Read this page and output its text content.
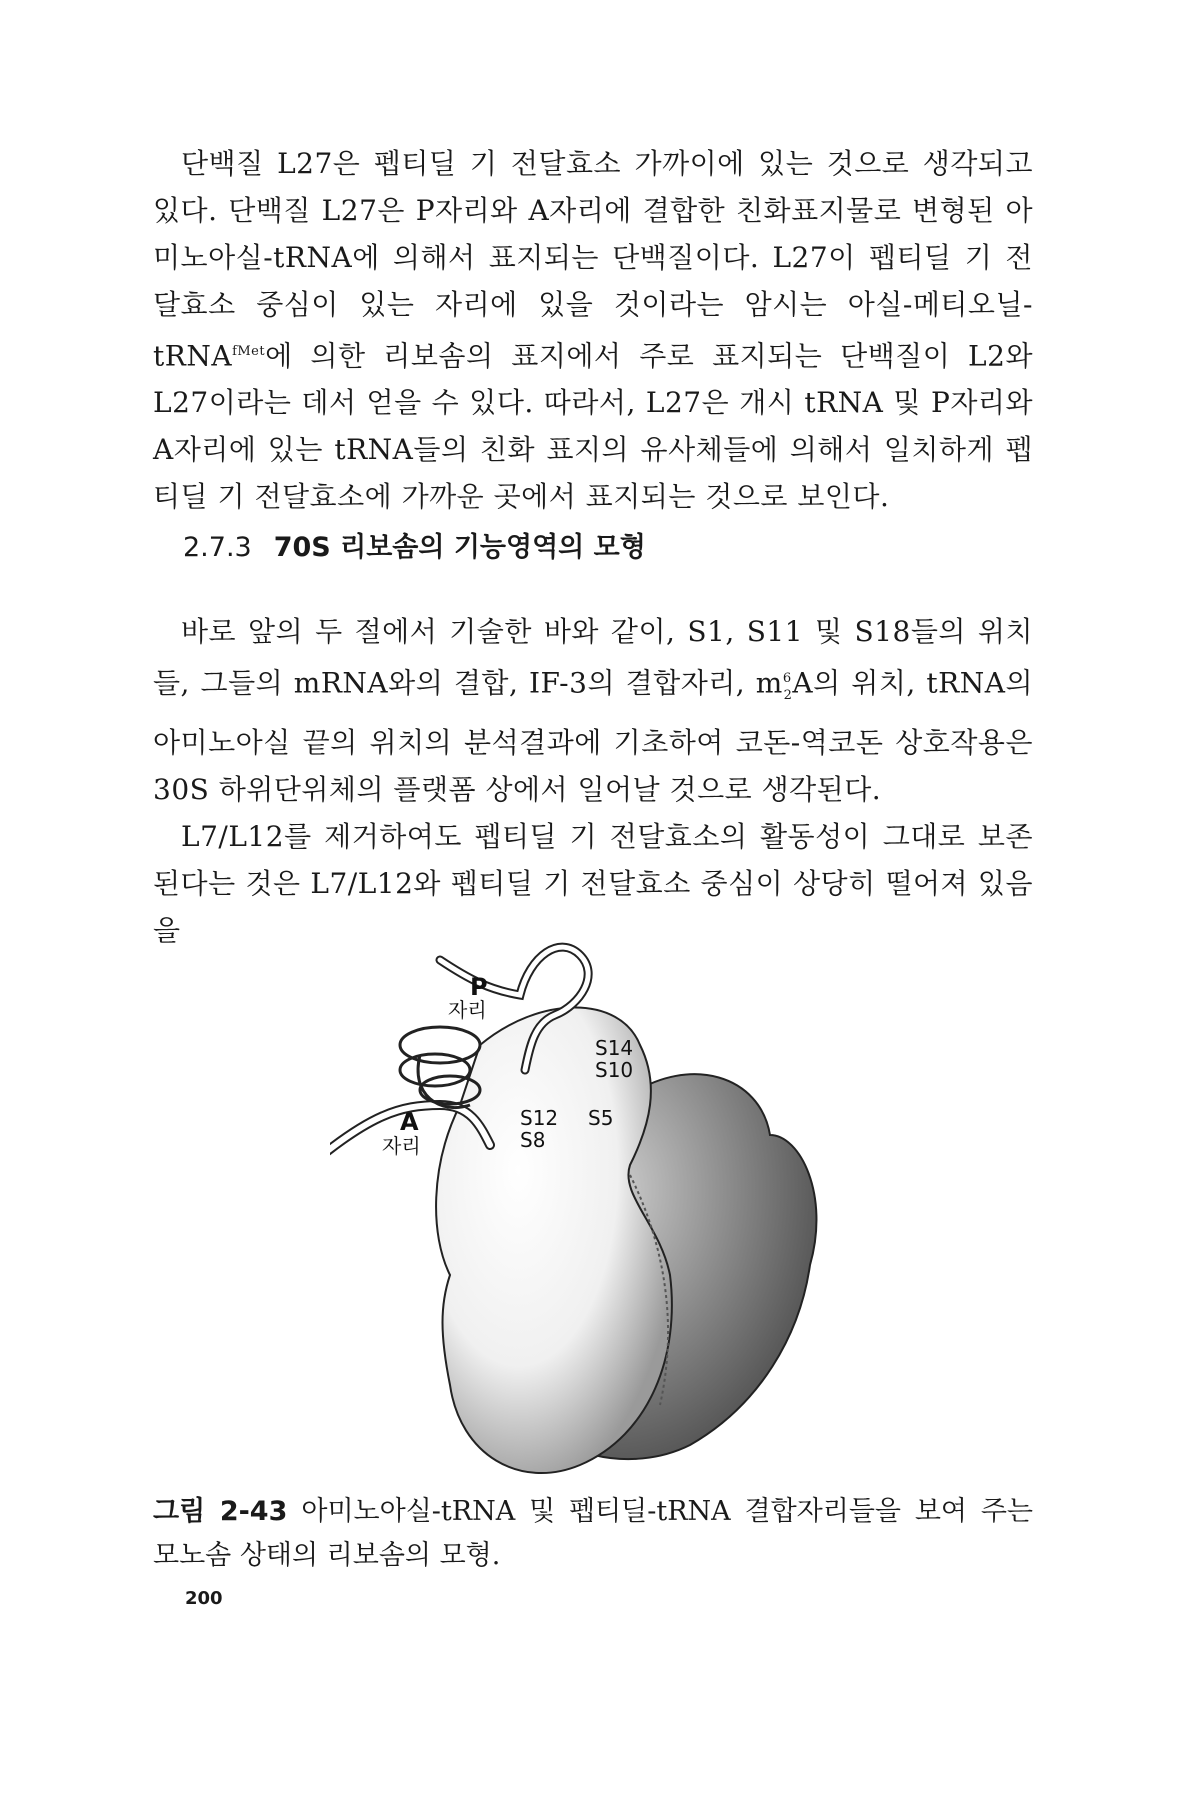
단백질 L27은 펩티딜 기 전달효소 가까이에 있는 것으로 생각되고 있다. 단백질 L27은 P자리와 A자리에 결합한 친화표지물로 변형된 아미노아실-tRNA에 의해서 표지되는 단백질이다. L27이 펩티딜 기 전달효소 중심이 있는 자리에 있을 것이라는 암시는 아실-메티오닐-tRNA$^{fMet}$에 의한 리보솜의 표지에서 주로 표지되는 단백질이 L2와 L27이라는 데서 얻을 수 있다. 따라서, L27은 개시 tRNA 및 P자리와 A자리에 있는 tRNA들의 친화 표지의 유사체들에 의해서 일치하게 펩티딜 기 전달효소에 가까운 곳에서 표지되는 것으로 보인다.

2.7.3 70S 리보솜의 기능영역의 모형

바로 앞의 두 절에서 기술한 바와 같이, S1, S11 및 S18들의 위치들, 그들의 mRNA와의 결합, IF-3의 결합자리, $m^6_2A$의 위치, tRNA의 아미노아실 끝의 위치의 분석결과에 기초하여 코돈-역코돈 상호작용은 30S 하위단위체의 플랫폼 상에서 일어날 것으로 생각된다.

L7/L12를 제거하여도 펩티딜 기 전달효소의 활동성이 그대로 보존된다는 것은 L7/L12와 펩티딜 기 전달효소 중심이 상당히 떨어져 있음을

P
자리
A
자리
S14
S10
S12
S8
S5
그림 2-43 아미노아실-tRNA 및 펩티딜-tRNA 결합자리들을 보여 주는 모노솜 상태의 리보솜의 모형.
200
